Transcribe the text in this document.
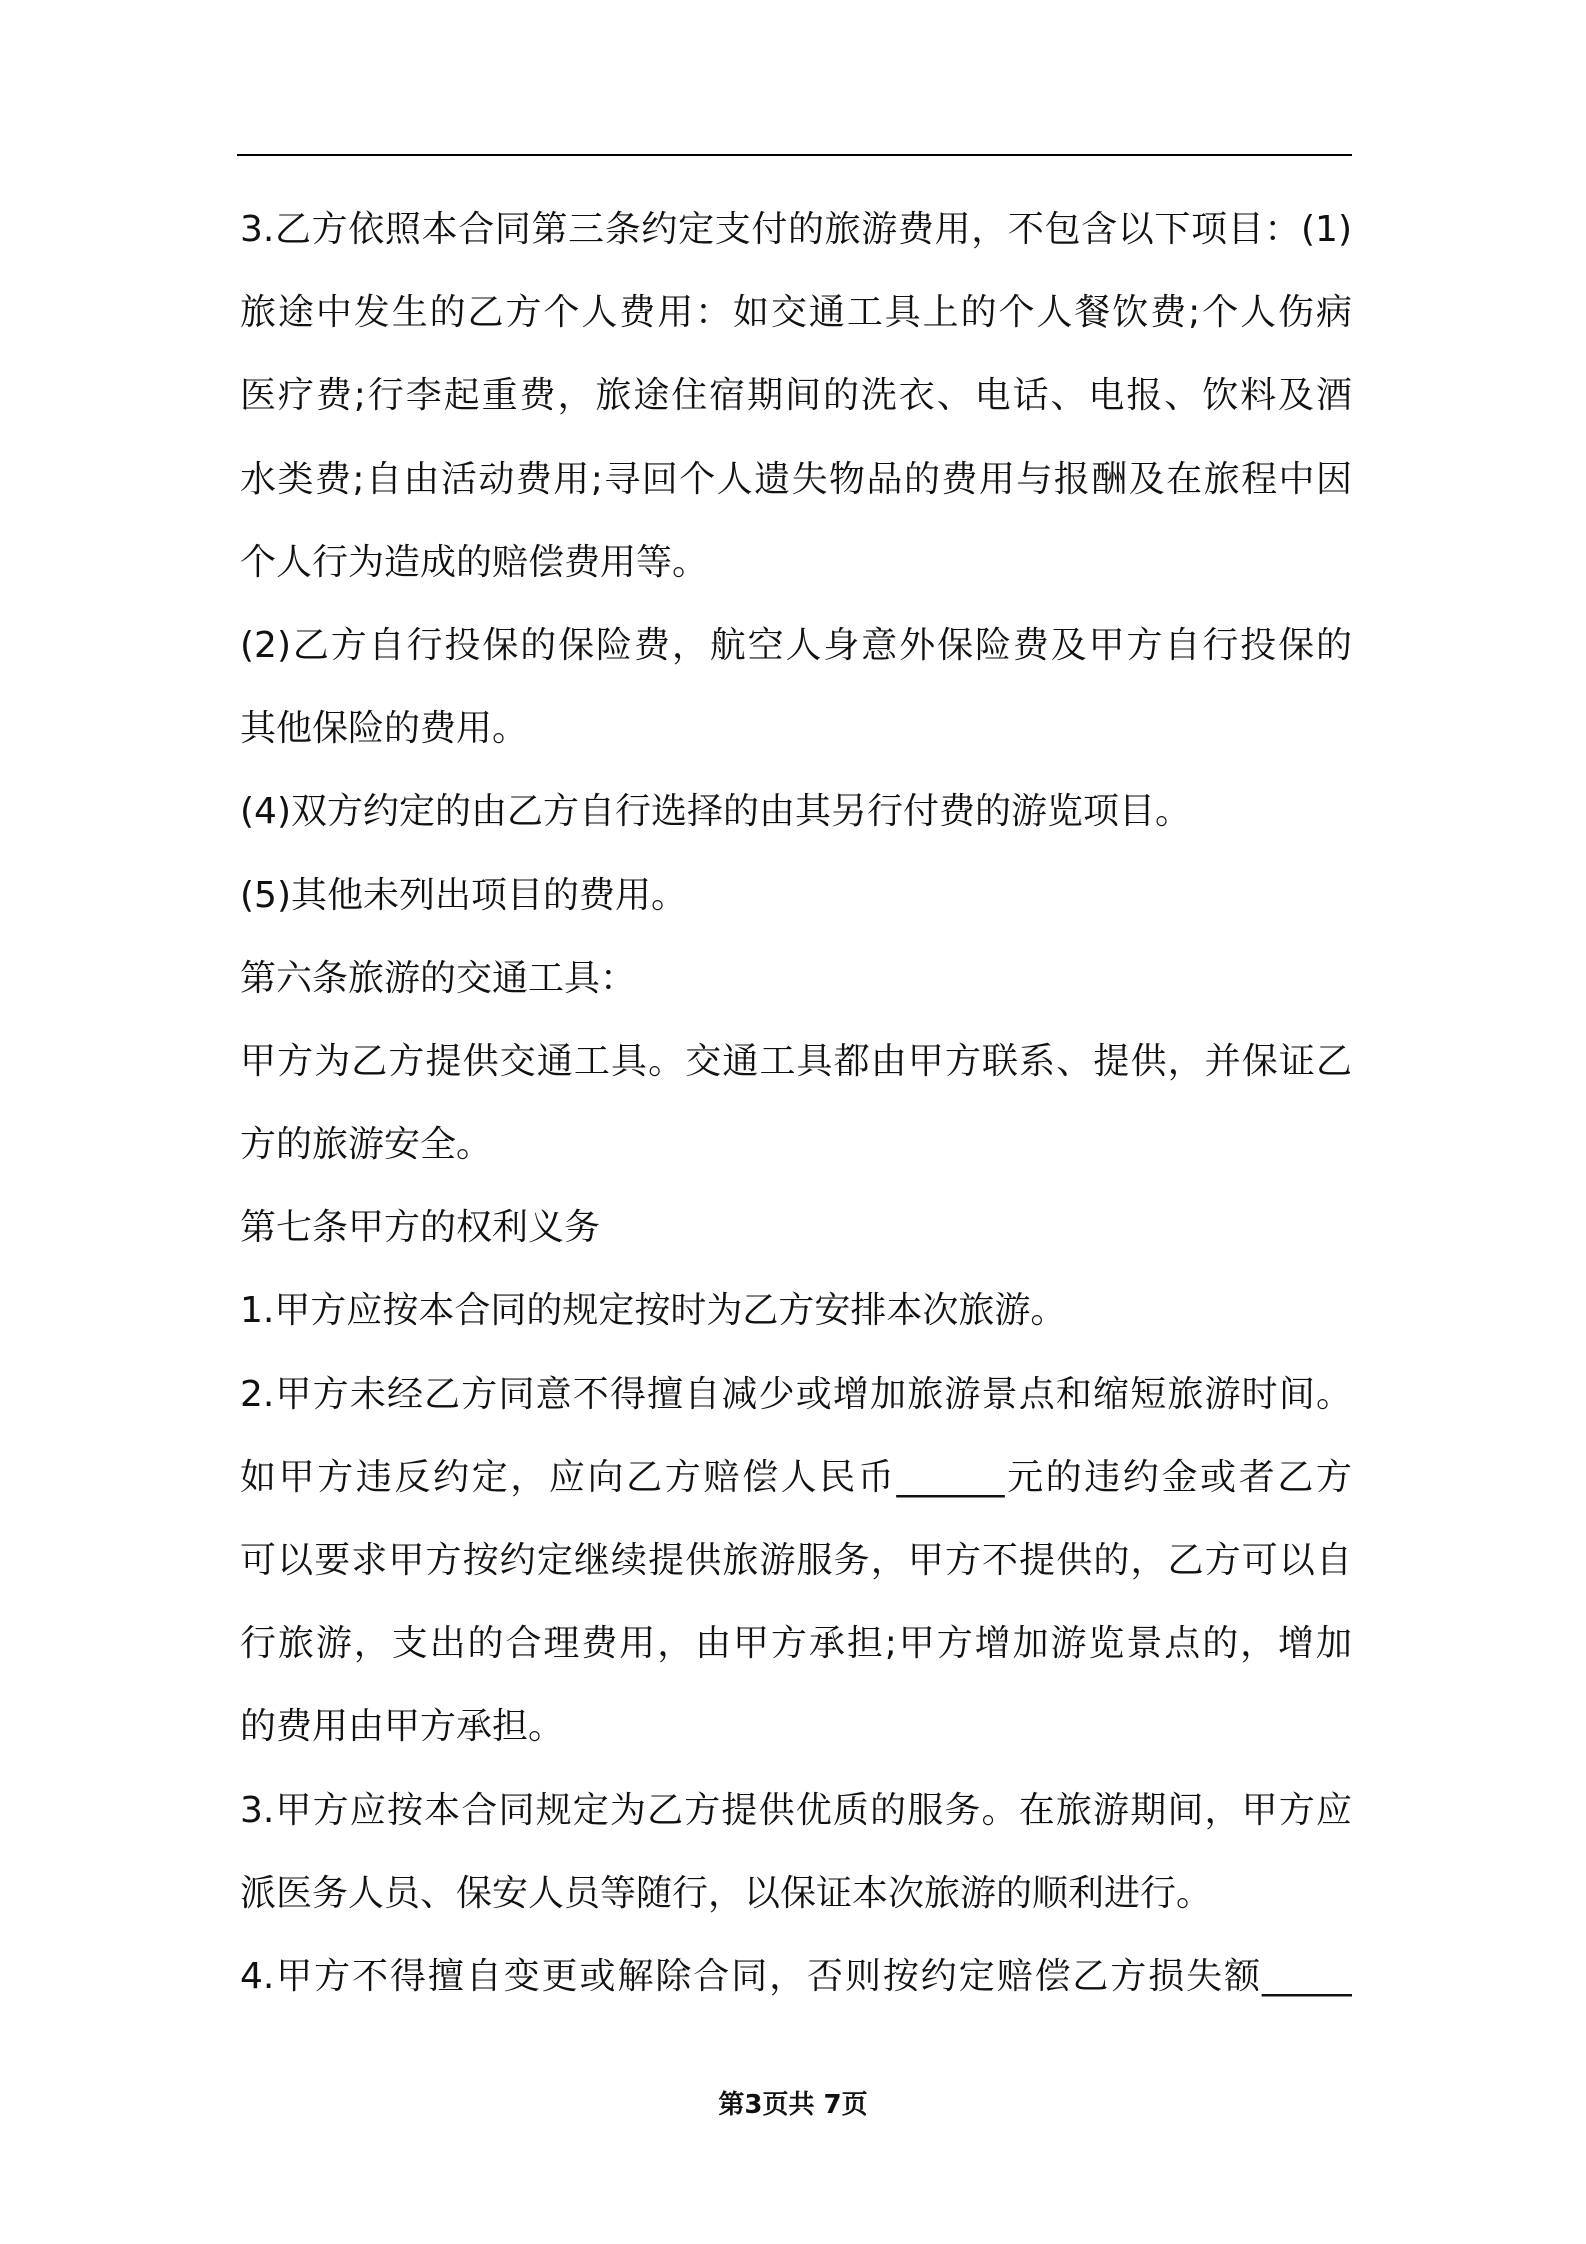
3.乙方依照本合同第三条约定支付的旅游费用，不包含以下项目：(1)
旅途中发生的乙方个人费用：如交通工具上的个人餐饮费;个人伤病
医疗费;行李起重费，旅途住宿期间的洗衣、电话、电报、饮料及酒
水类费;自由活动费用;寻回个人遗失物品的费用与报酬及在旅程中因
个人行为造成的赔偿费用等。
(2)乙方自行投保的保险费，航空人身意外保险费及甲方自行投保的
其他保险的费用。
(4)双方约定的由乙方自行选择的由其另行付费的游览项目。
(5)其他未列出项目的费用。
第六条旅游的交通工具：
甲方为乙方提供交通工具。交通工具都由甲方联系、提供，并保证乙
方的旅游安全。
第七条甲方的权利义务
1.甲方应按本合同的规定按时为乙方安排本次旅游。
2.甲方未经乙方同意不得擅自减少或增加旅游景点和缩短旅游时间。
如甲方违反约定，应向乙方赔偿人民币______元的违约金或者乙方
可以要求甲方按约定继续提供旅游服务，甲方不提供的，乙方可以自
行旅游，支出的合理费用，由甲方承担;甲方增加游览景点的，增加
的费用由甲方承担。
3.甲方应按本合同规定为乙方提供优质的服务。在旅游期间，甲方应
派医务人员、保安人员等随行，以保证本次旅游的顺利进行。
4.甲方不得擅自变更或解除合同，否则按约定赔偿乙方损失额_____
第3页共 7页
